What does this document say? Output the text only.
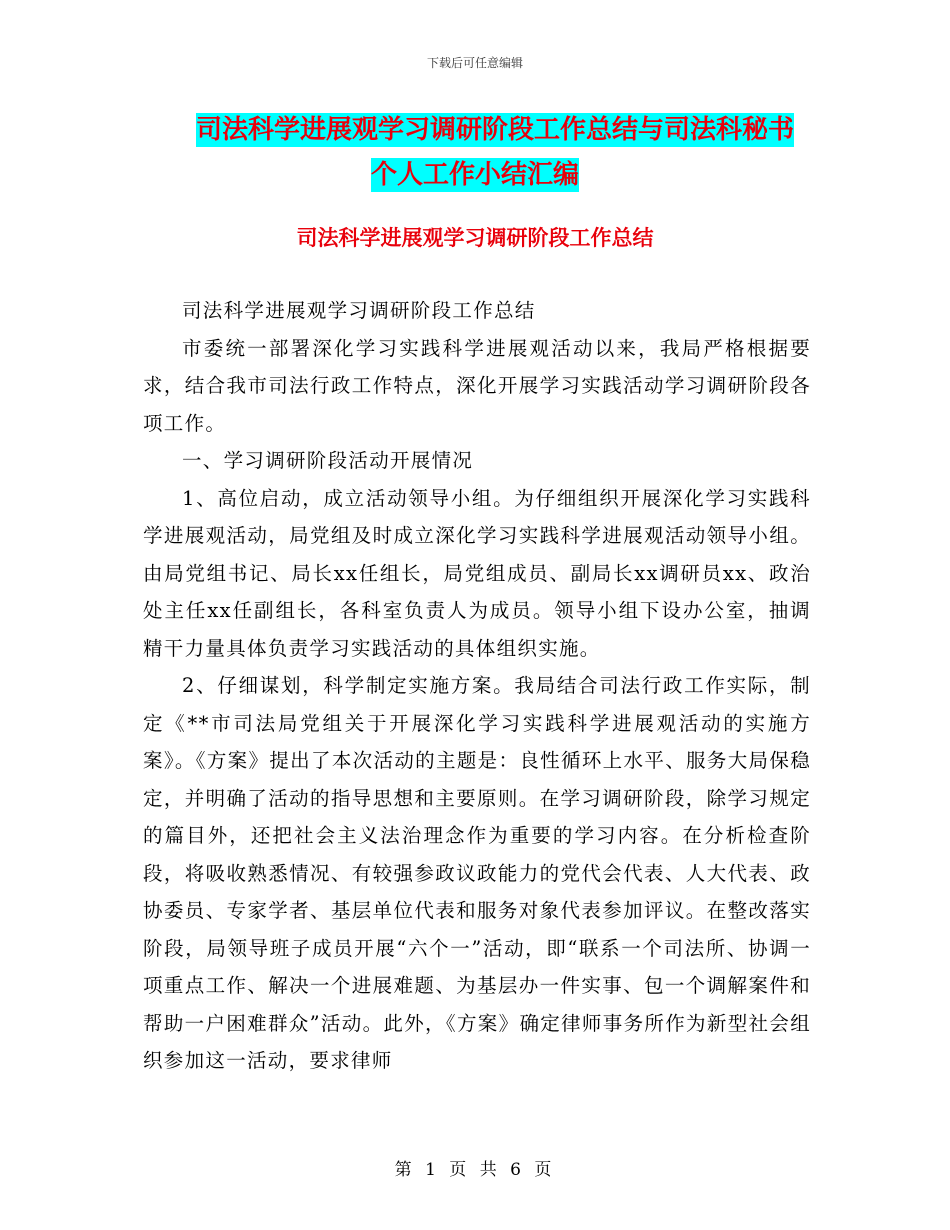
下载后可任意编辑
司法科学进展观学习调研阶段工作总结与司法科秘书
个人工作小结汇编
司法科学进展观学习调研阶段工作总结

司法科学进展观学习调研阶段工作总结

市委统一部署深化学习实践科学进展观活动以来，我局严格根据要求，结合我市司法行政工作特点，深化开展学习实践活动学习调研阶段各项工作。

一、学习调研阶段活动开展情况

1、高位启动，成立活动领导小组。为仔细组织开展深化学习实践科学进展观活动，局党组及时成立深化学习实践科学进展观活动领导小组。由局党组书记、局长xx任组长，局党组成员、副局长xx调研员xx、政治处主任xx任副组长，各科室负责人为成员。领导小组下设办公室，抽调精干力量具体负责学习实践活动的具体组织实施。

2、仔细谋划，科学制定实施方案。我局结合司法行政工作实际，制定《**市司法局党组关于开展深化学习实践科学进展观活动的实施方案》。《方案》提出了本次活动的主题是：良性循环上水平、服务大局保稳定，并明确了活动的指导思想和主要原则。在学习调研阶段，除学习规定的篇目外，还把社会主义法治理念作为重要的学习内容。在分析检查阶段，将吸收熟悉情况、有较强参政议政能力的党代会代表、人大代表、政协委员、专家学者、基层单位代表和服务对象代表参加评议。在整改落实阶段，局领导班子成员开展“六个一”活动，即“联系一个司法所、协调一项重点工作、解决一个进展难题、为基层办一件实事、包一个调解案件和帮助一户困难群众”活动。此外，《方案》确定律师事务所作为新型社会组织参加这一活动，要求律师

第 1 页 共 6 页
